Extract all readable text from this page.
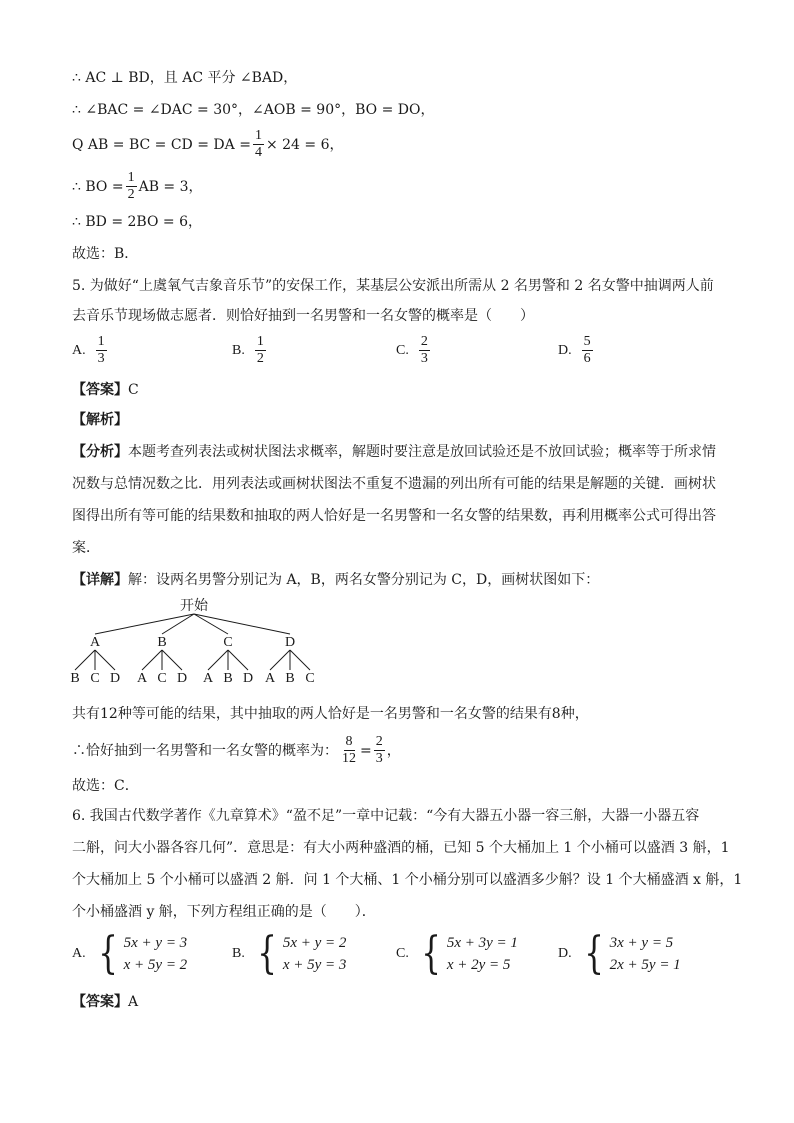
∴ AC ⊥ BD，且 AC 平分 ∠BAD，
∴ ∠BAC = ∠DAC = 30°，∠AOB = 90°，BO = DO，
Q AB = BC = CD = DA = $\frac{1}{4} \times 24 = 6$，
∴ BO = $\frac{1}{2}$ AB = 3，
∴ BD = 2BO = 6，
故选：B．
5. 为做好“上虞氧气吉象音乐节”的安保工作，某基层公安派出所需从 2 名男警和 2 名女警中抽调两人前
去音乐节现场做志愿者．则恰好抽到一名男警和一名女警的概率是（　　）
A. $\frac{1}{3}$	B. $\frac{1}{2}$	C. $\frac{2}{3}$	D. $\frac{5}{6}$
【答案】C
【解析】
【分析】本题考查列表法或树状图法求概率，解题时要注意是放回试验还是不放回试验；概率等于所求情
况数与总情况数之比．用列表法或画树状图法不重复不遗漏的列出所有可能的结果是解题的关键．画树状
图得出所有等可能的结果数和抽取的两人恰好是一名男警和一名女警的结果数，再利用概率公式可得出答
案．
【详解】解：设两名男警分别记为 A，B，两名女警分别记为 C，D，画树状图如下：
开始
A
B C D
B
A C D
C
A B D
D
A B C
共有12种等可能的结果，其中抽取的两人恰好是一名男警和一名女警的结果有8种，
∴恰好抽到一名男警和一名女警的概率为： $\frac{8}{12} = \frac{2}{3}$ ，
故选：C．
6. 我国古代数学著作《九章算术》“盈不足”一章中记载：“今有大器五小器一容三斛，大器一小器五容
二斛，问大小器各容几何”．意思是：有大小两种盛酒的桶，已知 5 个大桶加上 1 个小桶可以盛酒 3 斛，1
个大桶加上 5 个小桶可以盛酒 2 斛．问 1 个大桶、1 个小桶分别可以盛酒多少斛？设 1 个大桶盛酒 x 斛，1
个小桶盛酒 y 斛，下列方程组正确的是（　　）．
A. { 5x + y = 3
x + 5y = 2
B. { 5x + y = 2
x + 5y = 3
C. { 5x + 3y = 1
x + 2y = 5
D. { 3x + y = 5
2x + 5y = 1
【答案】A
